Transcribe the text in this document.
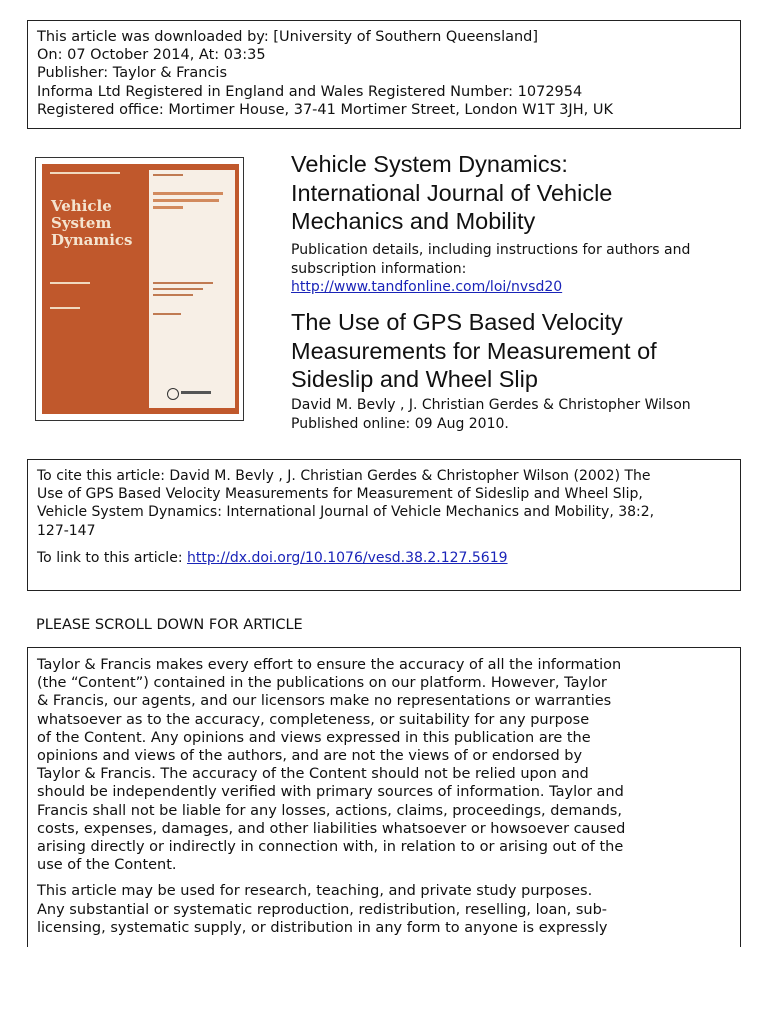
This article was downloaded by: [University of Southern Queensland]
On: 07 October 2014, At: 03:35
Publisher: Taylor & Francis
Informa Ltd Registered in England and Wales Registered Number: 1072954
Registered office: Mortimer House, 37-41 Mortimer Street, London W1T 3JH, UK
Vehicle
System
Dynamics
Vehicle System Dynamics:
International Journal of Vehicle
Mechanics and Mobility
Publication details, including instructions for authors and
subscription information:
http://www.tandfonline.com/loi/nvsd20
The Use of GPS Based Velocity
Measurements for Measurement of
Sideslip and Wheel Slip
David M. Bevly , J. Christian Gerdes & Christopher Wilson
Published online: 09 Aug 2010.
To cite this article: David M. Bevly , J. Christian Gerdes & Christopher Wilson (2002) The
Use of GPS Based Velocity Measurements for Measurement of Sideslip and Wheel Slip,
Vehicle System Dynamics: International Journal of Vehicle Mechanics and Mobility, 38:2,
127-147
To link to this article: http://dx.doi.org/10.1076/vesd.38.2.127.5619
PLEASE SCROLL DOWN FOR ARTICLE
Taylor & Francis makes every effort to ensure the accuracy of all the information
(the “Content”) contained in the publications on our platform. However, Taylor
& Francis, our agents, and our licensors make no representations or warranties
whatsoever as to the accuracy, completeness, or suitability for any purpose
of the Content. Any opinions and views expressed in this publication are the
opinions and views of the authors, and are not the views of or endorsed by
Taylor & Francis. The accuracy of the Content should not be relied upon and
should be independently verified with primary sources of information. Taylor and
Francis shall not be liable for any losses, actions, claims, proceedings, demands,
costs, expenses, damages, and other liabilities whatsoever or howsoever caused
arising directly or indirectly in connection with, in relation to or arising out of the
use of the Content.
This article may be used for research, teaching, and private study purposes.
Any substantial or systematic reproduction, redistribution, reselling, loan, sub-
licensing, systematic supply, or distribution in any form to anyone is expressly
